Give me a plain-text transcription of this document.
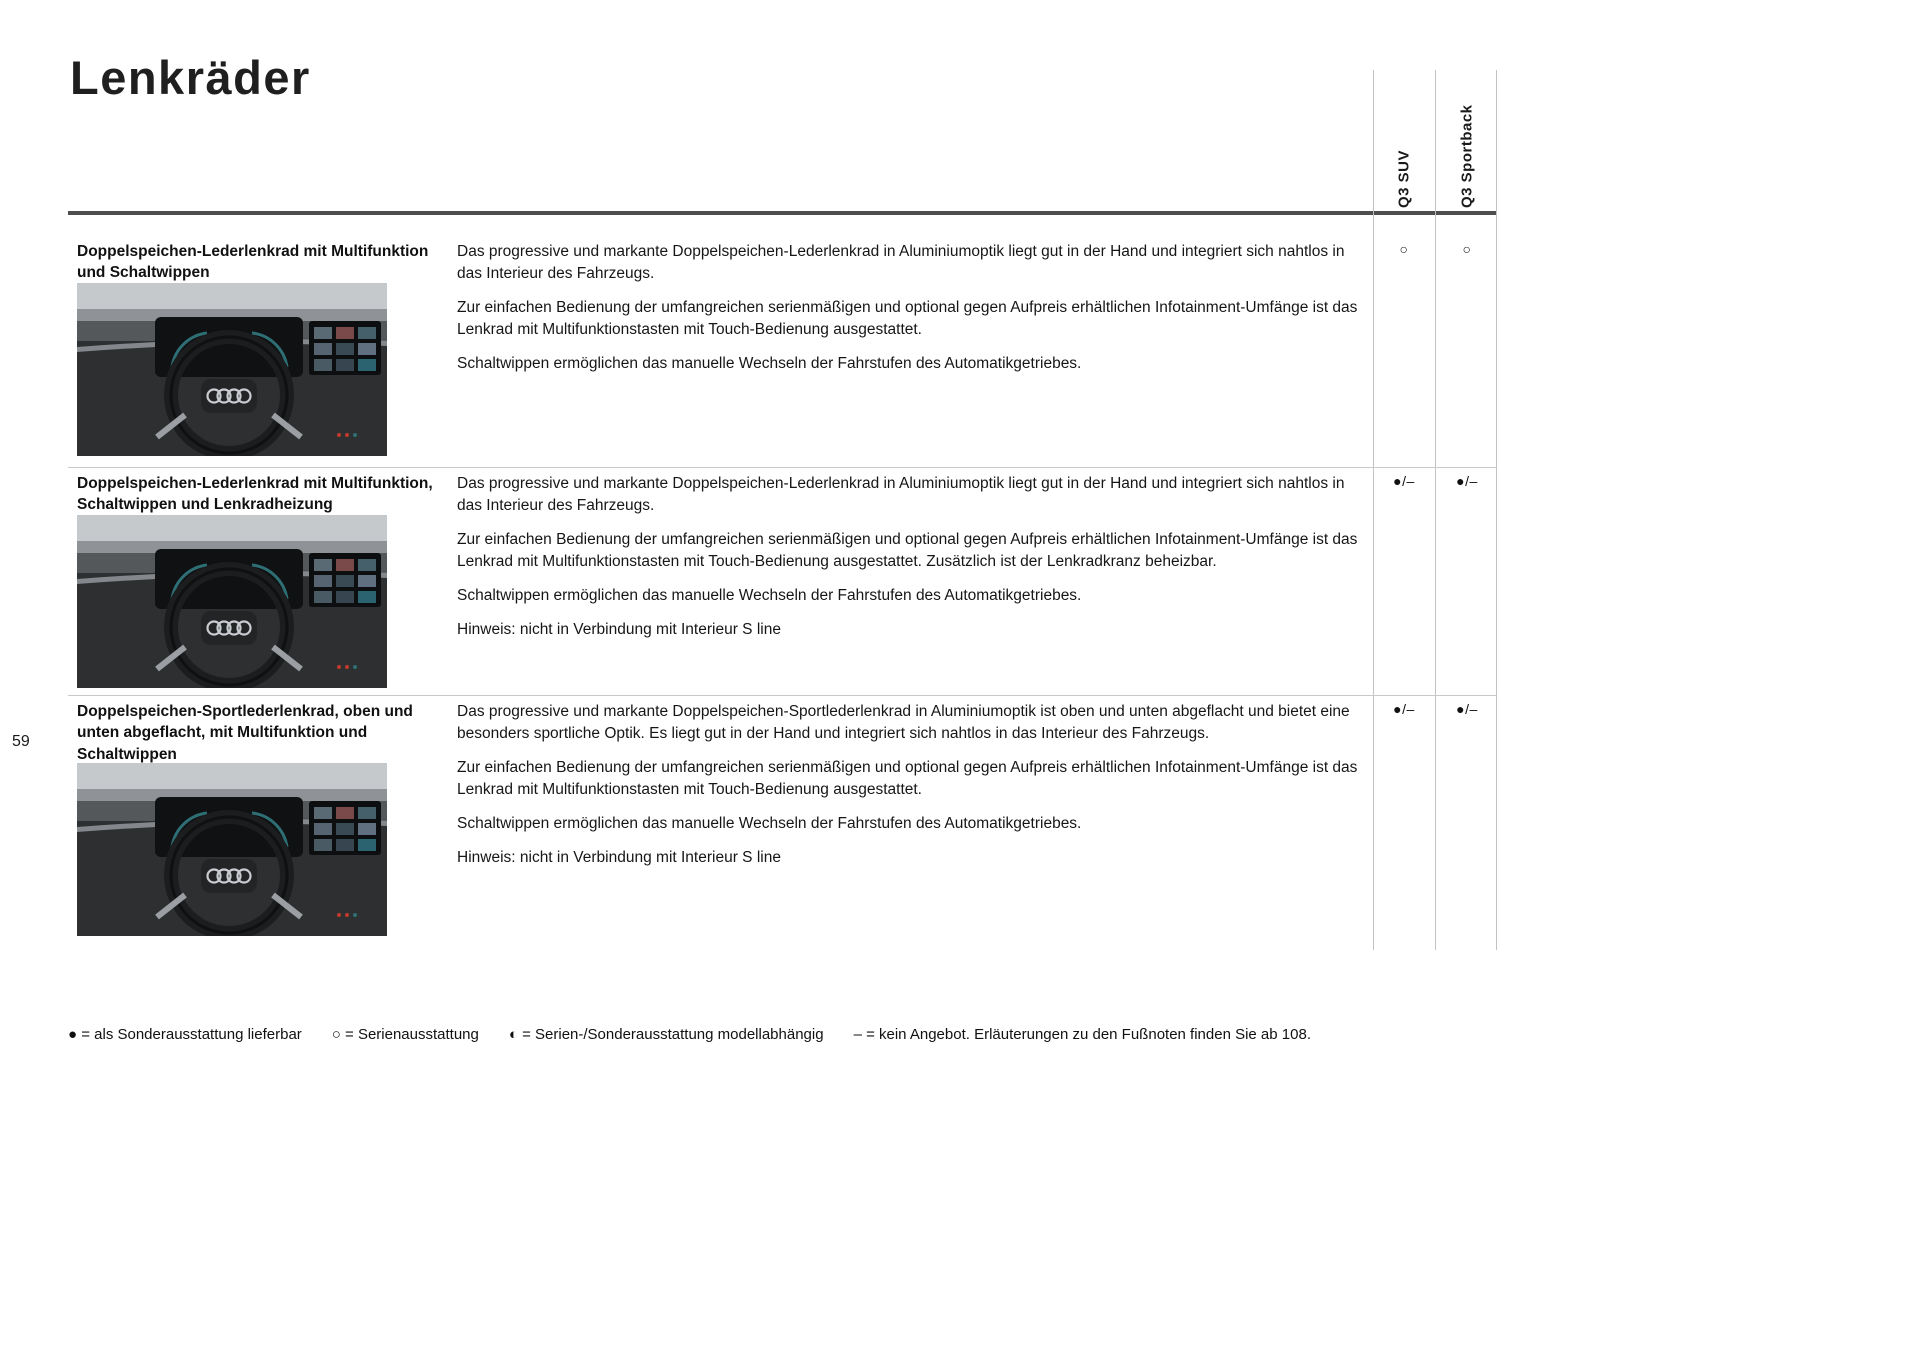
Lenkräder
59
Q3 SUV	Q3 Sportback
Doppelspeichen-Lederlenkrad mit Multifunktion und Schaltwippen

Das progressive und markante Doppelspeichen-Lederlenkrad in Aluminiumoptik liegt gut in der Hand und integriert sich nahtlos in das Interieur des Fahrzeugs.

Zur einfachen Bedienung der umfangreichen serienmäßigen und optional gegen Aufpreis erhältlichen Infotainment-Umfänge ist das Lenkrad mit Multifunktionstasten mit Touch-Bedienung ausgestattet.

Schaltwippen ermöglichen das manuelle Wechseln der Fahrstufen des Automatikgetriebes.

○	○
Doppelspeichen-Lederlenkrad mit Multifunktion, Schaltwippen und Lenkradheizung

Das progressive und markante Doppelspeichen-Lederlenkrad in Aluminiumoptik liegt gut in der Hand und integriert sich nahtlos in das Interieur des Fahrzeugs.

Zur einfachen Bedienung der umfangreichen serienmäßigen und optional gegen Aufpreis erhältlichen Infotainment-Umfänge ist das Lenkrad mit Multifunktionstasten mit Touch-Bedienung ausgestattet. Zusätzlich ist der Lenkradkranz beheizbar.

Schaltwippen ermöglichen das manuelle Wechseln der Fahrstufen des Automatikgetriebes.

Hinweis: nicht in Verbindung mit Interieur S line

●/–	●/–
Doppelspeichen-Sportlederlenkrad, oben und unten abgeflacht, mit Multifunktion und Schaltwippen

Das progressive und markante Doppelspeichen-Sportlederlenkrad in Aluminiumoptik ist oben und unten abgeflacht und bietet eine besonders sportliche Optik. Es liegt gut in der Hand und integriert sich nahtlos in das Interieur des Fahrzeugs.

Zur einfachen Bedienung der umfangreichen serienmäßigen und optional gegen Aufpreis erhältlichen Infotainment-Umfänge ist das Lenkrad mit Multifunktionstasten mit Touch-Bedienung ausgestattet.

Schaltwippen ermöglichen das manuelle Wechseln der Fahrstufen des Automatikgetriebes.

Hinweis: nicht in Verbindung mit Interieur S line

●/–	●/–
● = als Sonderausstattung lieferbar ○ = Serienausstattung ◐ = Serien-/Sonderausstattung modellabhängig – = kein Angebot. Erläuterungen zu den Fußnoten finden Sie ab 108.
